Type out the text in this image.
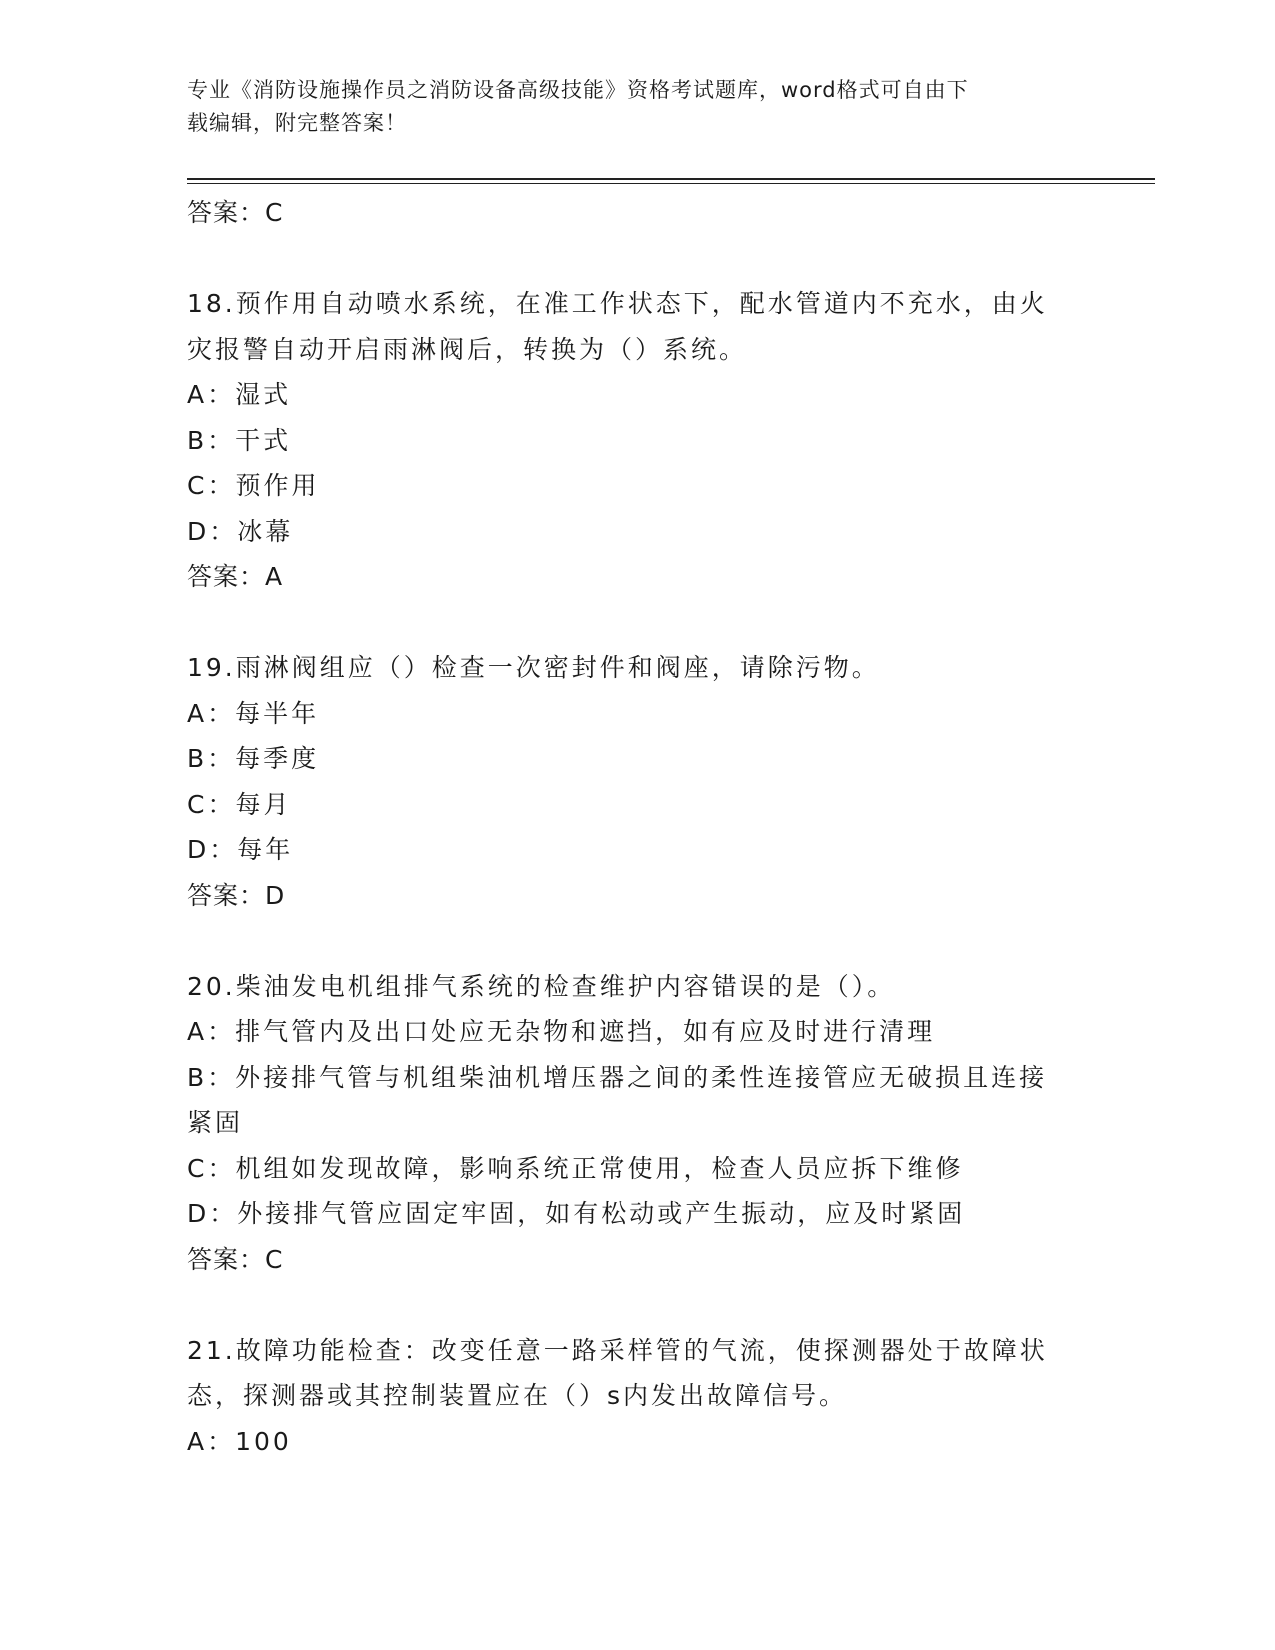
专业《消防设施操作员之消防设备高级技能》资格考试题库，word格式可自由下
载编辑，附完整答案！
答案：C
18.预作用自动喷水系统，在准工作状态下，配水管道内不充水，由火
灾报警自动开启雨淋阀后，转换为（）系统。
A：湿式
B：干式
C：预作用
D：冰幕
答案：A
19.雨淋阀组应（）检查一次密封件和阀座，请除污物。
A：每半年
B：每季度
C：每月
D：每年
答案：D
20.柴油发电机组排气系统的检查维护内容错误的是（）。
A：排气管内及出口处应无杂物和遮挡，如有应及时进行清理
B：外接排气管与机组柴油机增压器之间的柔性连接管应无破损且连接
紧固
C：机组如发现故障，影响系统正常使用，检查人员应拆下维修
D：外接排气管应固定牢固，如有松动或产生振动，应及时紧固
答案：C
21.故障功能检查：改变任意一路采样管的气流，使探测器处于故障状
态，探测器或其控制装置应在（）s内发出故障信号。
A：100
